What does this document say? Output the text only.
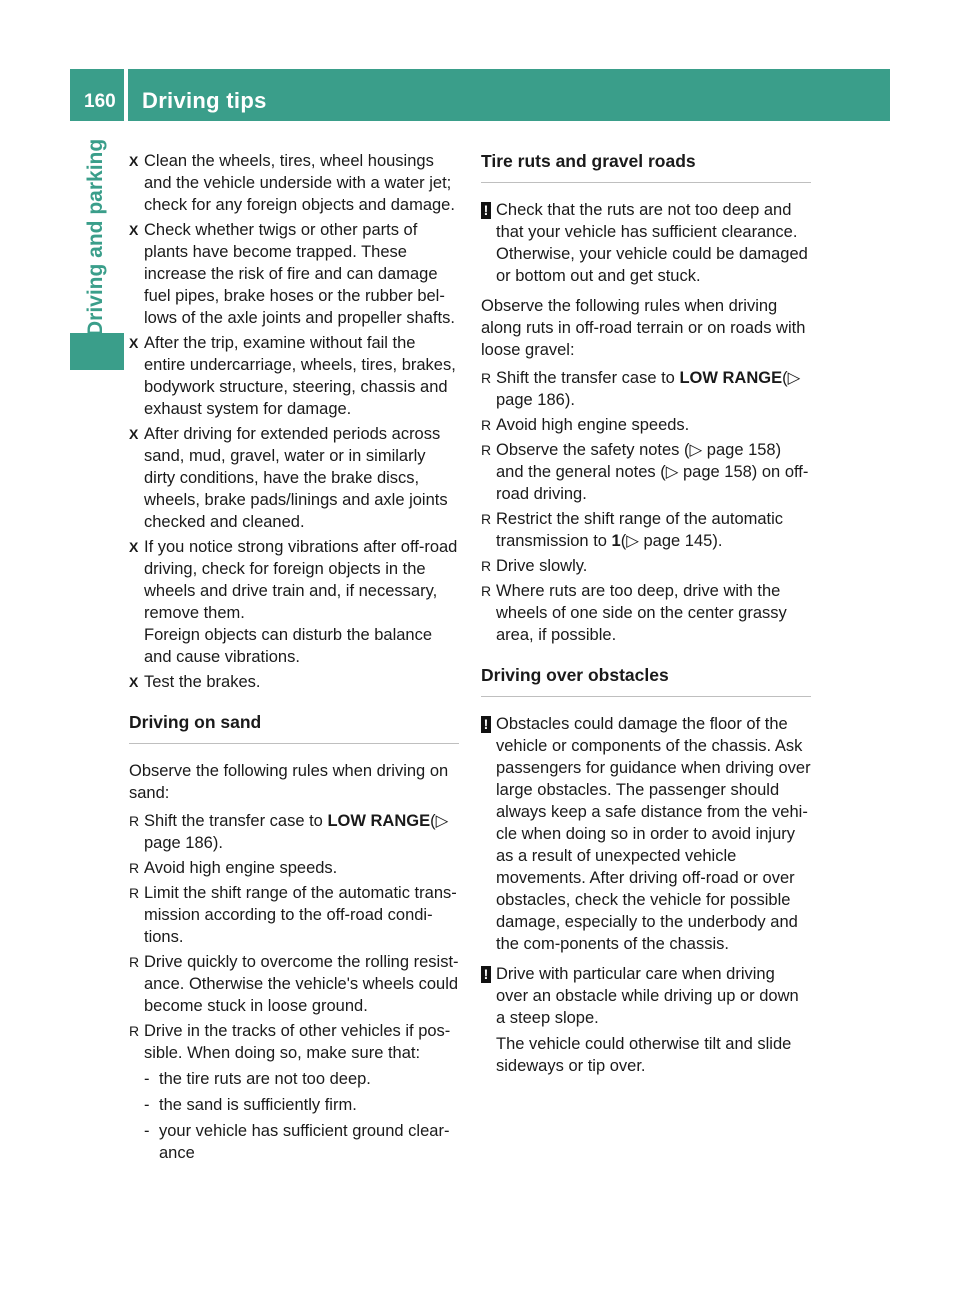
160 Driving tips
Driving and parking X Clean the wheels, tires, wheel housings and the vehicle underside with a water jet; check for any foreign objects and damage.

X Check whether twigs or other parts of plants have become trapped. These increase the risk of fire and can damage fuel pipes, brake hoses or the rubber bel-lows of the axle joints and propeller shafts.

X After the trip, examine without fail the entire undercarriage, wheels, tires, brakes, bodywork structure, steering, chassis and exhaust system for damage.

X After driving for extended periods across sand, mud, gravel, water or in similarly dirty conditions, have the brake discs, wheels, brake pads/linings and axle joints checked and cleaned.

X If you notice strong vibrations after off-road driving, check for foreign objects in the wheels and drive train and, if necessary, remove them.

Foreign objects can disturb the balance and cause vibrations.

X Test the brakes.

Driving on sand

Observe the following rules when driving on sand:

R Shift the transfer case to LOW RANGE(▷ page 186).

R Avoid high engine speeds.

R Limit the shift range of the automatic trans-mission according to the off-road condi-tions.

R Drive quickly to overcome the rolling resist-ance. Otherwise the vehicle's wheels could become stuck in loose ground.

R Drive in the tracks of other vehicles if pos-sible. When doing so, make sure that:

- the tire ruts are not too deep.
- the sand is sufficiently firm.
- your vehicle has sufficient ground clear-ance
Tire ruts and gravel roads
! Check that the ruts are not too deep and that your vehicle has sufficient clearance. Otherwise, your vehicle could be damaged or bottom out and get stuck.

Observe the following rules when driving along ruts in off-road terrain or on roads with loose gravel:

R Shift the transfer case to LOW RANGE(▷ page 186).

R Avoid high engine speeds.

R Observe the safety notes (▷ page 158) and the general notes (▷ page 158) on off-road driving.

R Restrict the shift range of the automatic transmission to 1(▷ page 145).

R Drive slowly.

R Where ruts are too deep, drive with the wheels of one side on the center grassy area, if possible.

Driving over obstacles
! Obstacles could damage the floor of the vehicle or components of the chassis. Ask passengers for guidance when driving over large obstacles. The passenger should always keep a safe distance from the vehi-cle when doing so in order to avoid injury as a result of unexpected vehicle movements. After driving off-road or over obstacles, check the vehicle for possible damage, especially to the underbody and the com-ponents of the chassis.

! Drive with particular care when driving over an obstacle while driving up or down a steep slope.

The vehicle could otherwise tilt and slide sideways or tip over.
